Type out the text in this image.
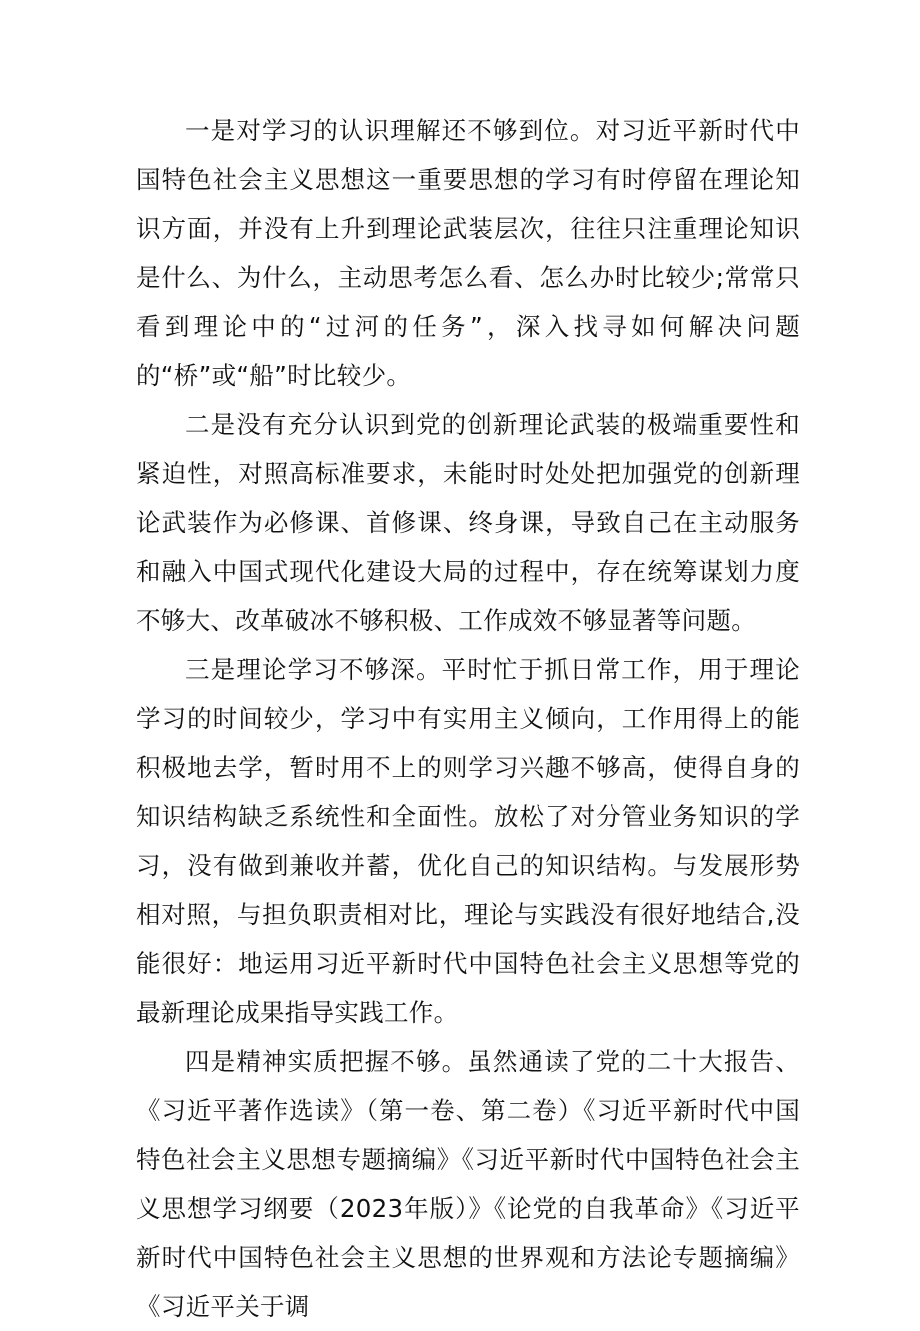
一是对学习的认识理解还不够到位。对习近平新时代中国特色社会主义思想这一重要思想的学习有时停留在理论知识方面，并没有上升到理论武装层次，往往只注重理论知识是什么、为什么，主动思考怎么看、怎么办时比较少;常常只看到理论中的“过河的任务”，深入找寻如何解决问题的“桥”或“船”时比较少。

二是没有充分认识到党的创新理论武装的极端重要性和紧迫性，对照高标准要求，未能时时处处把加强党的创新理论武装作为必修课、首修课、终身课，导致自己在主动服务和融入中国式现代化建设大局的过程中，存在统筹谋划力度不够大、改革破冰不够积极、工作成效不够显著等问题。

三是理论学习不够深。平时忙于抓日常工作，用于理论学习的时间较少，学习中有实用主义倾向，工作用得上的能积极地去学，暂时用不上的则学习兴趣不够高，使得自身的知识结构缺乏系统性和全面性。放松了对分管业务知识的学习，没有做到兼收并蓄，优化自己的知识结构。与发展形势相对照，与担负职责相对比，理论与实践没有很好地结合,没能很好：地运用习近平新时代中国特色社会主义思想等党的最新理论成果指导实践工作。

四是精神实质把握不够。虽然通读了党的二十大报告、《习近平著作选读》（第一卷、第二卷）《习近平新时代中国特色社会主义思想专题摘编》《习近平新时代中国特色社会主义思想学习纲要（2023年版）》《论党的自我革命》《习近平新时代中国特色社会主义思想的世界观和方法论专题摘编》《习近平关于调
